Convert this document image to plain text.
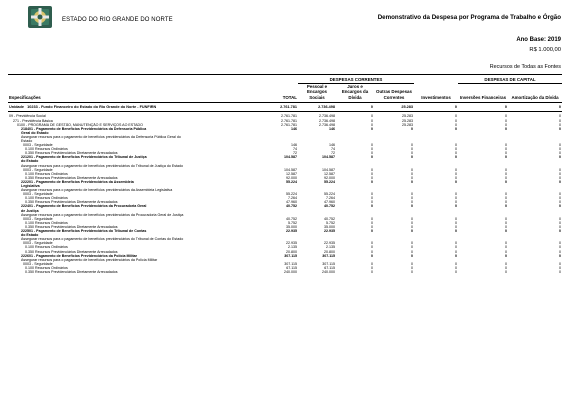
ESTADO DO RIO GRANDE DO NORTE	Demonstrativo da Despesa por Programa de Trabalho e Órgão
Ano Base: 2019
R$ 1.000,00
Recursos de Todas as Fontes
		DESPESAS CORRENTES				DESPESAS DE CAPITAL	
Especificações	TOTAL	Pessoal e Encargos Sociais	Juros e Encargos da Dívida	Outras Despesas Correntes	Investimentos	Inversões Financeiras	Amortização da Dívida
Unidade 10233 - Fundo Financeiro do Estado do Rio Grande do Norte - FUNFIRN	2.761.781	2.736.498	0	25.283	0	0	0

09 - Previdência Social	2.761.781	2.736.498	0	25.283	0	0	0
271 - Previdência Básica	2.761.781	2.736.498	0	25.283	0	0	0
0100 - PROGRAMA DE GESTÃO, MANUTENÇÃO E SERVIÇOS AO ESTADO	2.761.781	2.736.498	0	25.283	0	0	0
218401 - Pagamento de Benefícios Previdenciários da Defensoria Pública	146	146	0	0	0	0	0
Geral do Estado							
Assegurar recursos para o pagamento de benefícios previdenciários da Defensoria Pública Geral do							
Estado							
0003 - Seguridade	146	146	0	0	0	0	0
0.100 Recursos Ordinários	74	74	0	0	0	0	0
0.350 Recursos Previdenciários Diretamente Arrecadados	72	72	0	0	0	0	0
221201 - Pagamento de Benefícios Previdenciários do Tribunal de Justiça	104.587	104.587	0	0	0	0	0
do Estado							
Assegurar recursos para o pagamento de benefícios previdenciários do Tribunal de Justiça do Estado							
0003 - Seguridade	104.587	104.587	0	0	0	0	0
0.100 Recursos Ordinários	12.587	12.587	0	0	0	0	0
0.350 Recursos Previdenciários Diretamente Arrecadados	92.000	92.000	0	0	0	0	0
222201 - Pagamento de Benefícios Previdenciários da Assembleia	55.224	55.224	0	0	0	0	0
Legislativa							
Assegurar recursos para o pagamento de benefícios previdenciários da Assembleia Legislativa							
0003 - Seguridade	55.224	55.224	0	0	0	0	0
0.100 Recursos Ordinários	7.264	7.264	0	0	0	0	0
0.350 Recursos Previdenciários Diretamente Arrecadados	47.960	47.960	0	0	0	0	0
222401 - Pagamento de Benefícios Previdenciários da Procuradoria Geral	40.752	40.752	0	0	0	0	0
de Justiça							
Assegurar recursos para o pagamento de benefícios previdenciários da Procuradoria Geral de Justiça							
0003 - Seguridade	40.752	40.752	0	0	0	0	0
0.100 Recursos Ordinários	5.752	5.752	0	0	0	0	0
0.350 Recursos Previdenciários Diretamente Arrecadados	35.000	35.000	0	0	0	0	0
222501 - Pagamento de Benefícios Previdenciários do Tribunal de Contas	22.935	22.935	0	0	0	0	0
do Estado							
Assegurar recursos para o pagamento de benefícios previdenciários do Tribunal de Contas do Estado							
0003 - Seguridade	22.935	22.935	0	0	0	0	0
0.100 Recursos Ordinários	2.135	2.135	0	0	0	0	0
0.350 Recursos Previdenciários Diretamente Arrecadados	20.800	20.800	0	0	0	0	0
222601 - Pagamento de Benefícios Previdenciários da Polícia Militar	307.115	307.115	0	0	0	0	0
Assegurar recursos para o pagamento de benefícios previdenciários da Polícia Militar							
0003 - Seguridade	307.115	307.115	0	0	0	0	0
0.100 Recursos Ordinários	67.115	67.115	0	0	0	0	0
0.350 Recursos Previdenciários Diretamente Arrecadados	240.000	240.000	0	0	0	0	0
